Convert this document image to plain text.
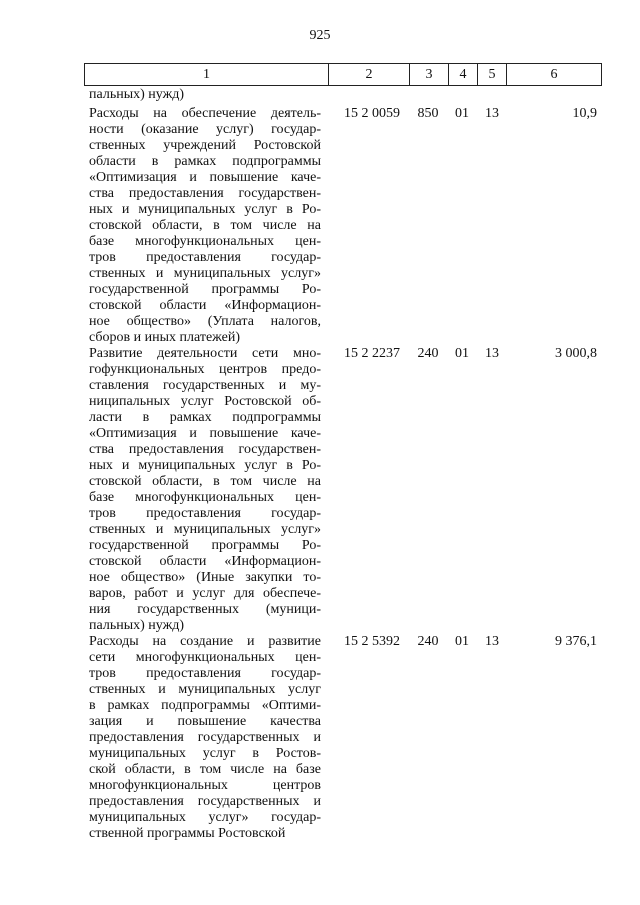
925
1	2	3	4	5	6
пальных) нужд)
Расходы на обеспечение деятель-
ности (оказание услуг) государ-
ственных учреждений Ростовской
области в рамках подпрограммы
«Оптимизация и повышение каче-
ства предоставления государствен-
ных и муниципальных услуг в Ро-
стовской области, в том числе на
базе многофункциональных цен-
тров предоставления государ-
ственных и муниципальных услуг»
государственной программы Ро-
стовской области «Информацион-
ное общество» (Уплата налогов,
сборов и иных платежей)
15 2 0059	850	01	13	10,9
Развитие деятельности сети мно-
гофункциональных центров предо-
ставления государственных и му-
ниципальных услуг Ростовской об-
ласти в рамках подпрограммы
«Оптимизация и повышение каче-
ства предоставления государствен-
ных и муниципальных услуг в Ро-
стовской области, в том числе на
базе многофункциональных цен-
тров предоставления государ-
ственных и муниципальных услуг»
государственной программы Ро-
стовской области «Информацион-
ное общество» (Иные закупки то-
варов, работ и услуг для обеспече-
ния государственных (муници-
пальных) нужд)
15 2 2237	240	01	13	3 000,8
Расходы на создание и развитие
сети многофункциональных цен-
тров предоставления государ-
ственных и муниципальных услуг
в рамках подпрограммы «Оптими-
зация и повышение качества
предоставления государственных и
муниципальных услуг в Ростов-
ской области, в том числе на базе
многофункциональных центров
предоставления государственных и
муниципальных услуг» государ-
ственной программы Ростовской
15 2 5392	240	01	13	9 376,1
